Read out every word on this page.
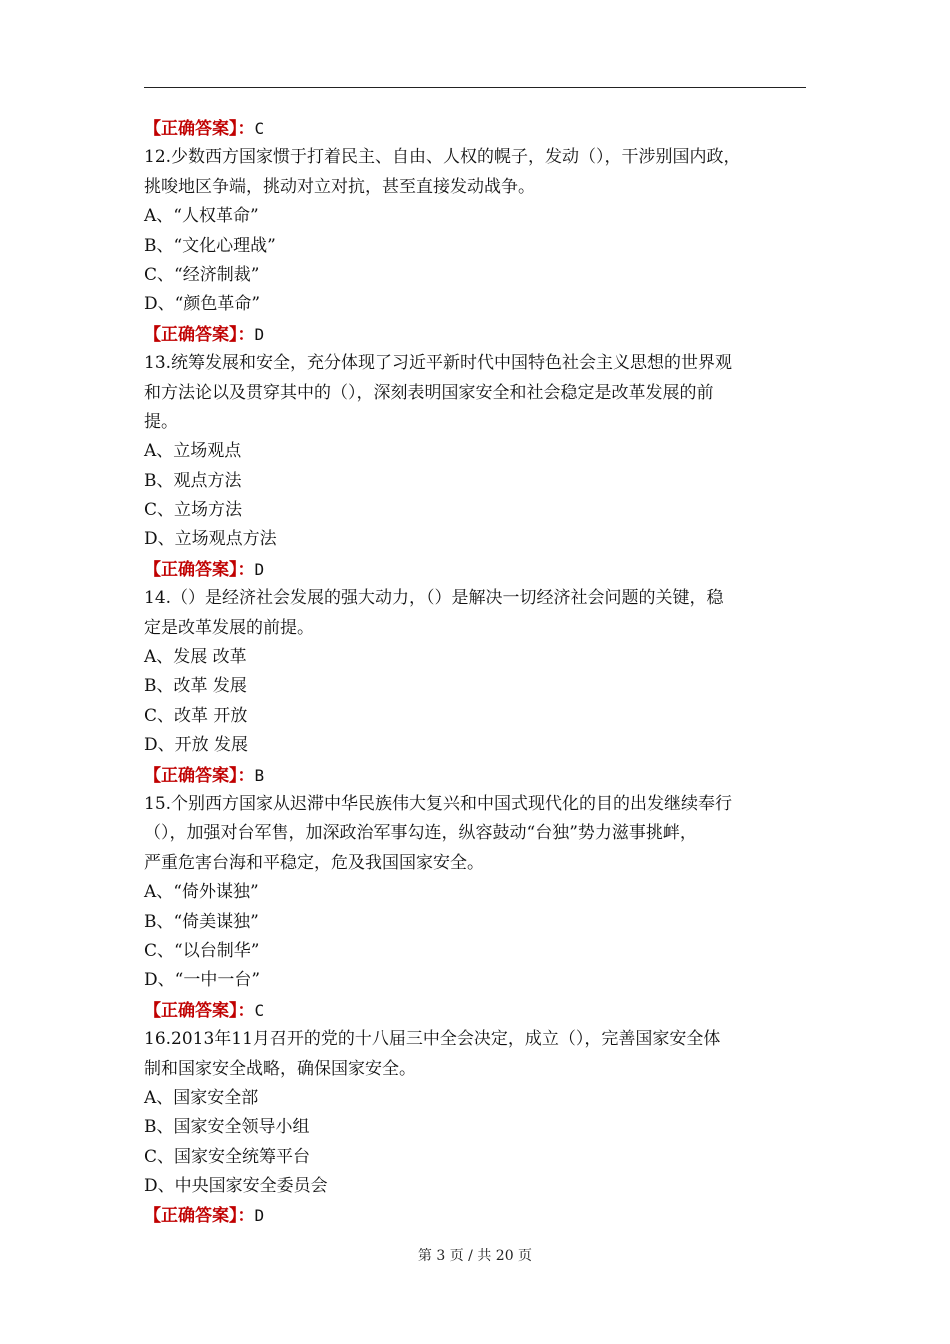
【正确答案】：C
12.少数西方国家惯于打着民主、自由、人权的幌子，发动（），干涉别国内政，
挑唆地区争端，挑动对立对抗，甚至直接发动战争。
A、“人权革命”
B、“文化心理战”
C、“经济制裁”
D、“颜色革命”
【正确答案】：D
13.统筹发展和安全，充分体现了习近平新时代中国特色社会主义思想的世界观
和方法论以及贯穿其中的（），深刻表明国家安全和社会稳定是改革发展的前
提。
A、立场观点
B、观点方法
C、立场方法
D、立场观点方法
【正确答案】：D
14.（）是经济社会发展的强大动力，（）是解决一切经济社会问题的关键，稳
定是改革发展的前提。
A、发展 改革
B、改革 发展
C、改革 开放
D、开放 发展
【正确答案】：B
15.个别西方国家从迟滞中华民族伟大复兴和中国式现代化的目的出发继续奉行
（），加强对台军售，加深政治军事勾连，纵容鼓动“台独”势力滋事挑衅，
严重危害台海和平稳定，危及我国国家安全。
A、“倚外谋独”
B、“倚美谋独”
C、“以台制华”
D、“一中一台”
【正确答案】：C
16.2013年11月召开的党的十八届三中全会决定，成立（），完善国家安全体
制和国家安全战略，确保国家安全。
A、国家安全部
B、国家安全领导小组
C、国家安全统筹平台
D、中央国家安全委员会
【正确答案】：D
第 3 页 / 共 20 页
